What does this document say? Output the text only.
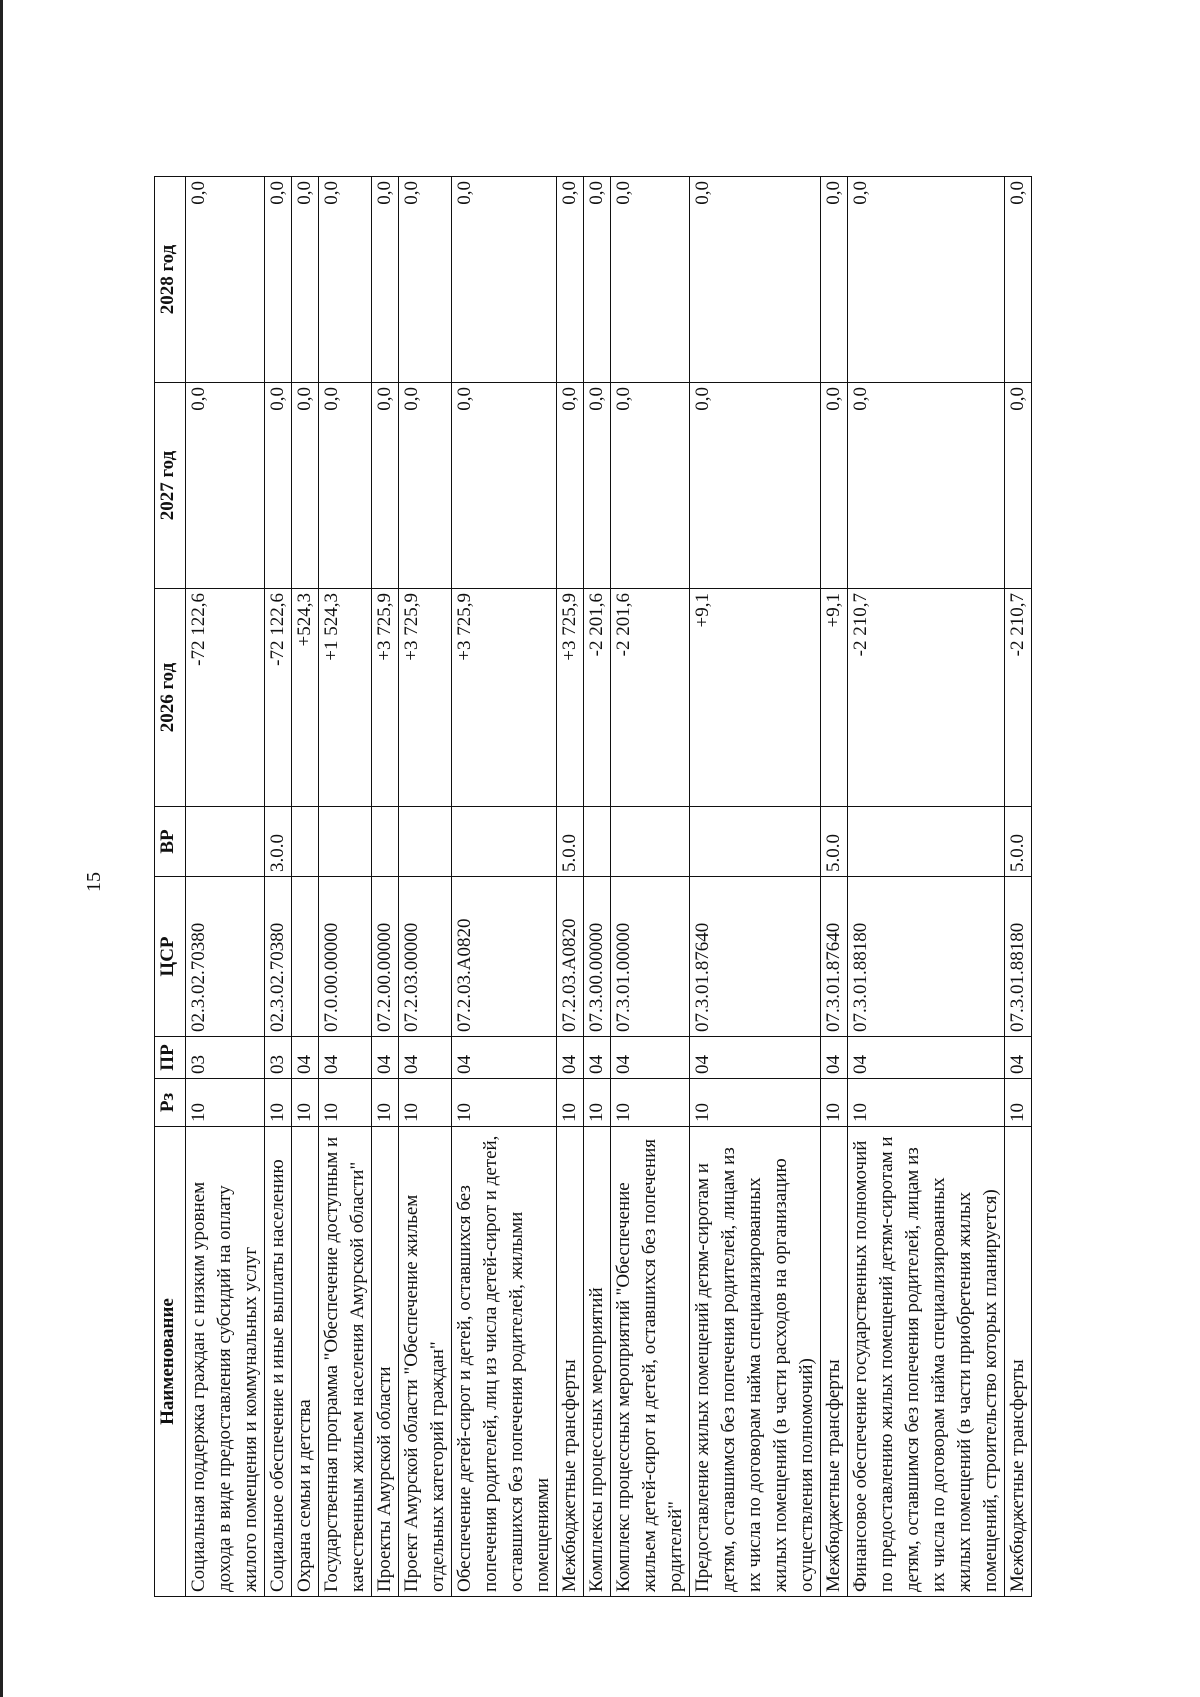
15
Наименование	Рз	ПР	ЦСР	ВР	2026 год	2027 год	2028 год
Социальная поддержка граждан с низким уровнем дохода в виде предоставления субсидий на оплату жилого помещения и коммунальных услуг	10	03	02.3.02.70380		-72 122,6	0,0	0,0
Социальное обеспечение и иные выплаты населению	10	03	02.3.02.70380	3.0.0	-72 122,6	0,0	0,0
Охрана семьи и детства	10	04			+524,3	0,0	0,0
Государственная программа "Обеспечение доступным и качественным жильем населения Амурской области"	10	04	07.0.00.00000		+1 524,3	0,0	0,0
Проекты Амурской области	10	04	07.2.00.00000		+3 725,9	0,0	0,0
Проект Амурской области "Обеспечение жильем отдельных категорий граждан"	10	04	07.2.03.00000		+3 725,9	0,0	0,0
Обеспечение детей-сирот и детей, оставшихся без попечения родителей, лиц из числа детей-сирот и детей, оставшихся без попечения родителей, жилыми помещениями	10	04	07.2.03.А0820		+3 725,9	0,0	0,0
Межбюджетные трансферты	10	04	07.2.03.А0820	5.0.0	+3 725,9	0,0	0,0
Комплексы процессных мероприятий	10	04	07.3.00.00000		-2 201,6	0,0	0,0
Комплекс процессных мероприятий "Обеспечение жильем детей-сирот и детей, оставшихся без попечения родителей"	10	04	07.3.01.00000		-2 201,6	0,0	0,0
Предоставление жилых помещений детям-сиротам и детям, оставшимся без попечения родителей, лицам из их числа по договорам найма специализированных жилых помещений (в части расходов на организацию осуществления полномочий)	10	04	07.3.01.87640		+9,1	0,0	0,0
Межбюджетные трансферты	10	04	07.3.01.87640	5.0.0	+9,1	0,0	0,0
Финансовое обеспечение государственных полномочий по предоставлению жилых помещений детям-сиротам и детям, оставшимся без попечения родителей, лицам из их числа по договорам найма специализированных жилых помещений (в части приобретения жилых помещений, строительство которых планируется)	10	04	07.3.01.88180		-2 210,7	0,0	0,0
Межбюджетные трансферты	10	04	07.3.01.88180	5.0.0	-2 210,7	0,0	0,0
